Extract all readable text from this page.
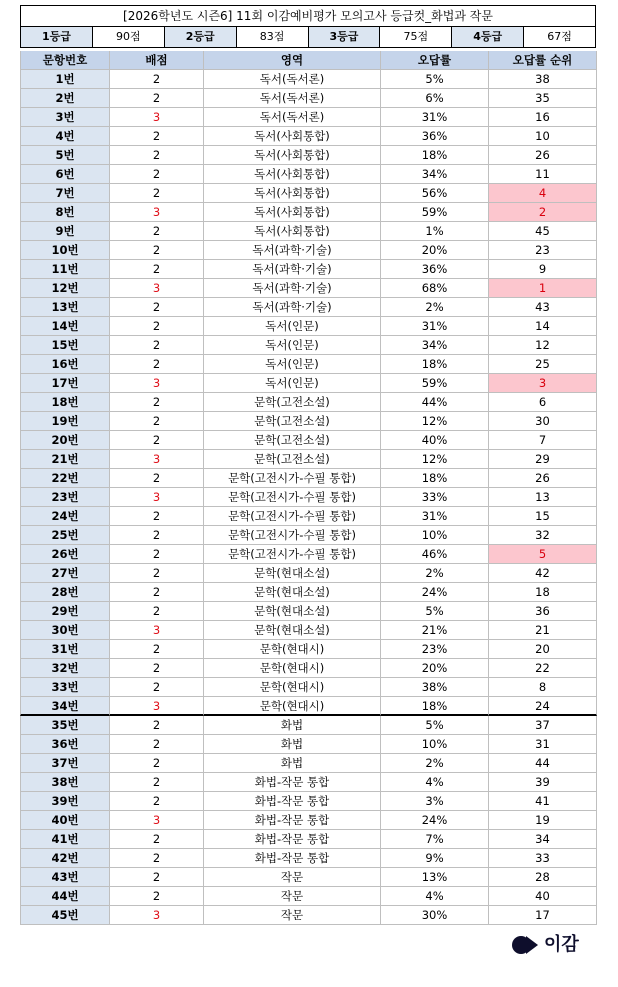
[2026학년도 시즌6] 11회 이감예비평가 모의고사 등급컷_화법과 작문
1등급	90점	2등급	83점	3등급	75점	4등급	67점
문항번호	배점	영역	오답률	오답률 순위
1번	2	독서(독서론)	5%	38
2번	2	독서(독서론)	6%	35
3번	3	독서(독서론)	31%	16
4번	2	독서(사회통합)	36%	10
5번	2	독서(사회통합)	18%	26
6번	2	독서(사회통합)	34%	11
7번	2	독서(사회통합)	56%	4
8번	3	독서(사회통합)	59%	2
9번	2	독서(사회통합)	1%	45
10번	2	독서(과학·기술)	20%	23
11번	2	독서(과학·기술)	36%	9
12번	3	독서(과학·기술)	68%	1
13번	2	독서(과학·기술)	2%	43
14번	2	독서(인문)	31%	14
15번	2	독서(인문)	34%	12
16번	2	독서(인문)	18%	25
17번	3	독서(인문)	59%	3
18번	2	문학(고전소설)	44%	6
19번	2	문학(고전소설)	12%	30
20번	2	문학(고전소설)	40%	7
21번	3	문학(고전소설)	12%	29
22번	2	문학(고전시가-수필 통합)	18%	26
23번	3	문학(고전시가-수필 통합)	33%	13
24번	2	문학(고전시가-수필 통합)	31%	15
25번	2	문학(고전시가-수필 통합)	10%	32
26번	2	문학(고전시가-수필 통합)	46%	5
27번	2	문학(현대소설)	2%	42
28번	2	문학(현대소설)	24%	18
29번	2	문학(현대소설)	5%	36
30번	3	문학(현대소설)	21%	21
31번	2	문학(현대시)	23%	20
32번	2	문학(현대시)	20%	22
33번	2	문학(현대시)	38%	8
34번	3	문학(현대시)	18%	24
35번	2	화법	5%	37
36번	2	화법	10%	31
37번	2	화법	2%	44
38번	2	화법-작문 통합	4%	39
39번	2	화법-작문 통합	3%	41
40번	3	화법-작문 통합	24%	19
41번	2	화법-작문 통합	7%	34
42번	2	화법-작문 통합	9%	33
43번	2	작문	13%	28
44번	2	작문	4%	40
45번	3	작문	30%	17
이감
